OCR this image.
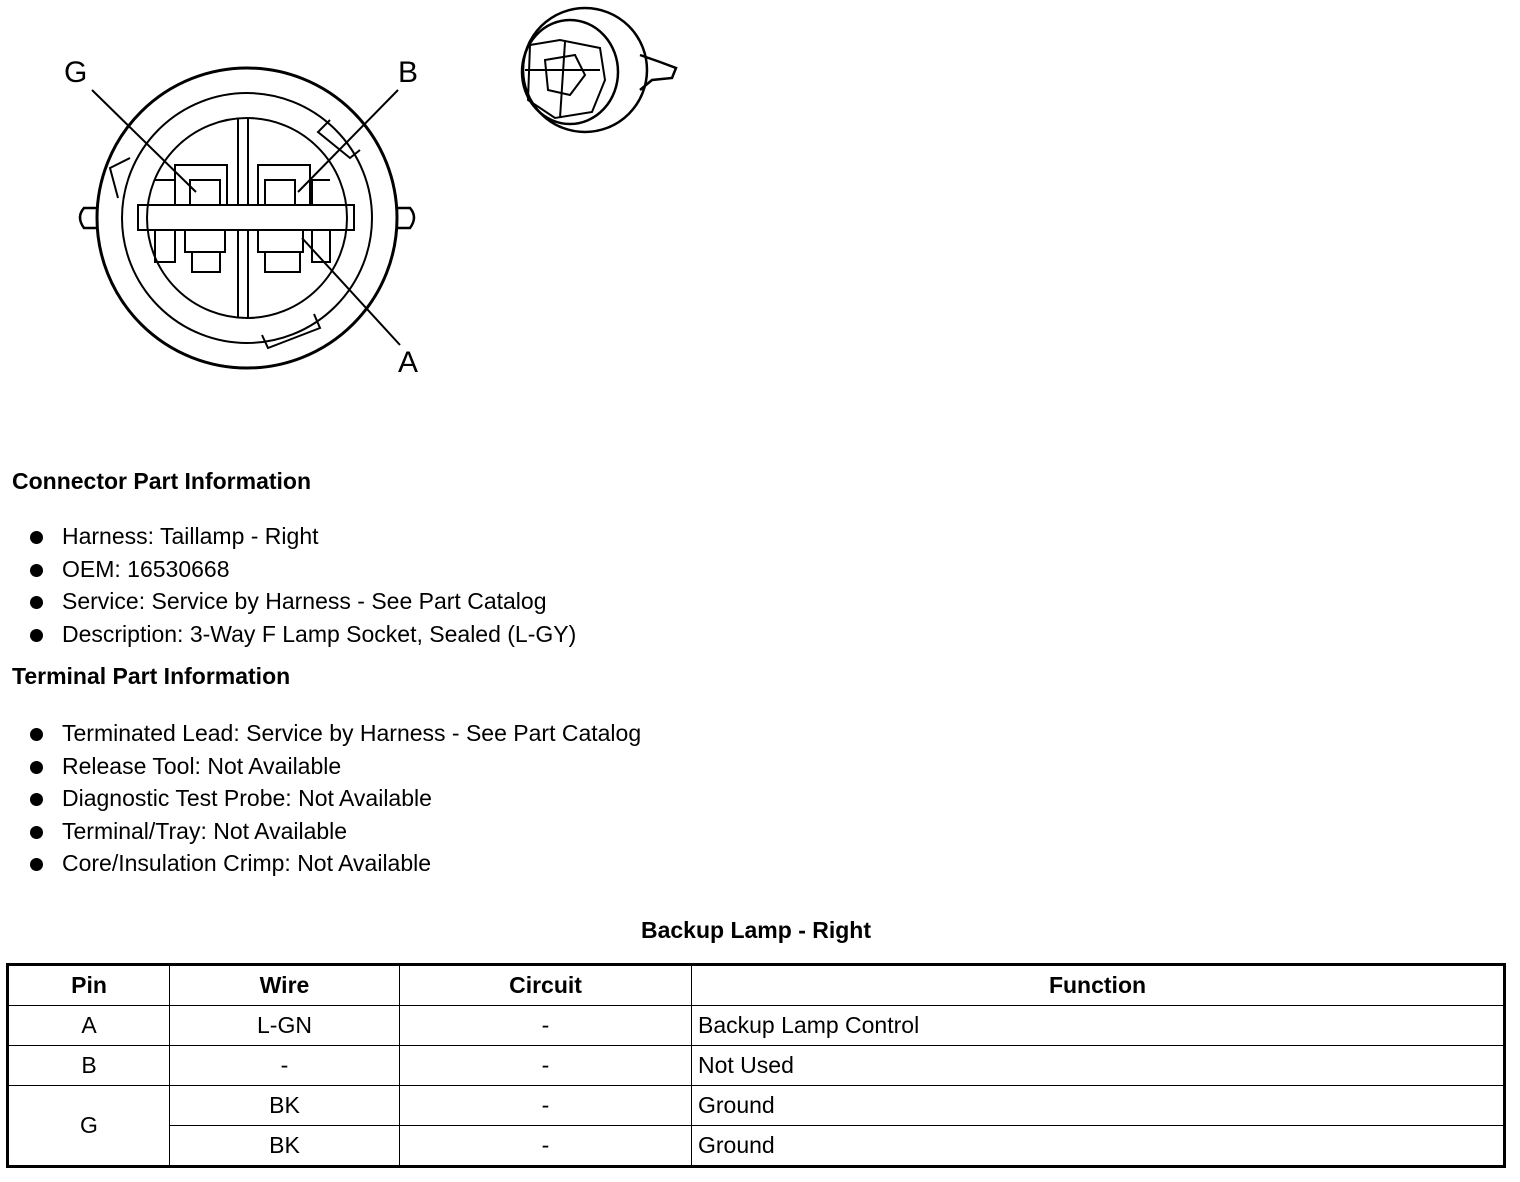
G	B
A
Connector Part Information
Harness: Taillamp - Right
OEM: 16530668
Service: Service by Harness - See Part Catalog
Description: 3-Way F Lamp Socket, Sealed (L-GY)
Terminal Part Information
Terminated Lead: Service by Harness - See Part Catalog
Release Tool: Not Available
Diagnostic Test Probe: Not Available
Terminal/Tray: Not Available
Core/Insulation Crimp: Not Available
Backup Lamp - Right
Pin	Wire	Circuit	Function
A	L-GN	-	Backup Lamp Control
B	-	-	Not Used
G	BK	-	Ground
	BK	-	Ground
